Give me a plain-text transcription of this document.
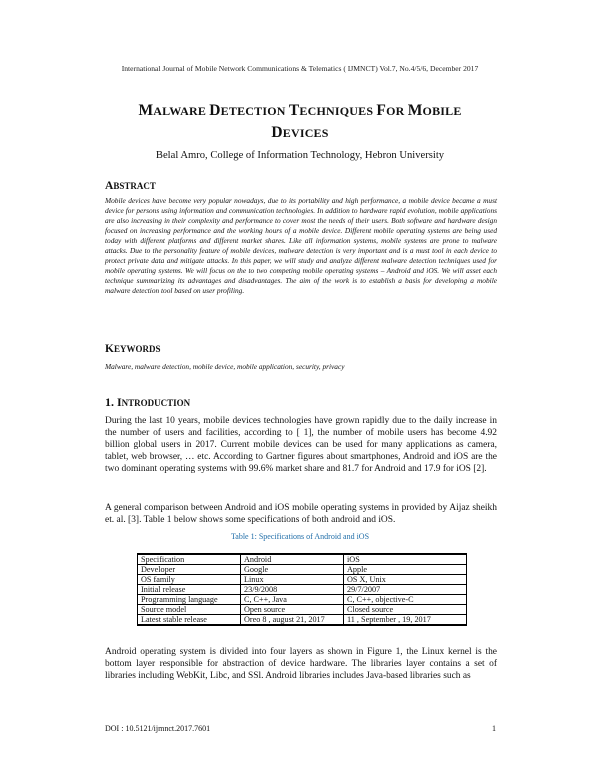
International Journal of Mobile Network Communications & Telematics ( IJMNCT) Vol.7, No.4/5/6, December 2017
MALWARE DETECTION TECHNIQUES FOR MOBILE
DEVICES
Belal Amro, College of Information Technology, Hebron University
ABSTRACT
Mobile devices have become very popular nowadays, due to its portability and high performance, a mobile device became a must device for persons using information and communication technologies. In addition to hardware rapid evolution, mobile applications are also increasing in their complexity and performance to cover most the needs of their users. Both software and hardware design focused on increasing performance and the working hours of a mobile device. Different mobile operating systems are being used today with different platforms and different market shares. Like all information systems, mobile systems are prone to malware attacks. Due to the personality feature of mobile devices, malware detection is very important and is a must tool in each device to protect private data and mitigate attacks. In this paper, we will study and analyze different malware detection techniques used for mobile operating systems. We will focus on the to two competing mobile operating systems – Android and iOS. We will asset each technique summarizing its advantages and disadvantages. The aim of the work is to establish a basis for developing a mobile malware detection tool based on user profiling.
KEYWORDS
Malware, malware detection, mobile device, mobile application, security, privacy
1. INTRODUCTION
During the last 10 years, mobile devices technologies have grown rapidly due to the daily increase in the number of users and facilities, according to [ 1], the number of mobile users has become 4.92 billion global users in 2017. Current mobile devices can be used for many applications as camera, tablet, web browser, … etc. According to Gartner figures about smartphones, Android and iOS are the two dominant operating systems with 99.6% market share and 81.7 for Android and 17.9 for iOS [2].
A general comparison between Android and iOS mobile operating systems in provided by Aijaz sheikh et. al. [3]. Table 1 below shows some specifications of both android and iOS.
Table 1: Specifications of Android and iOS
Specification	Android	iOS
Developer	Google	Apple
OS family	Linux	OS X, Unix
Initial release	23/9/2008	29/7/2007
Programming language	C, C++, Java	C, C++, objective-C
Source model	Open source	Closed source
Latest stable release	Oreo 8 , august 21, 2017	11 , September , 19, 2017
Android operating system is divided into four layers as shown in Figure 1, the Linux kernel is the bottom layer responsible for abstraction of device hardware. The libraries layer contains a set of libraries including WebKit, Libc, and SSl. Android libraries includes Java-based libraries such as
DOI : 10.5121/ijmnct.2017.7601	1
